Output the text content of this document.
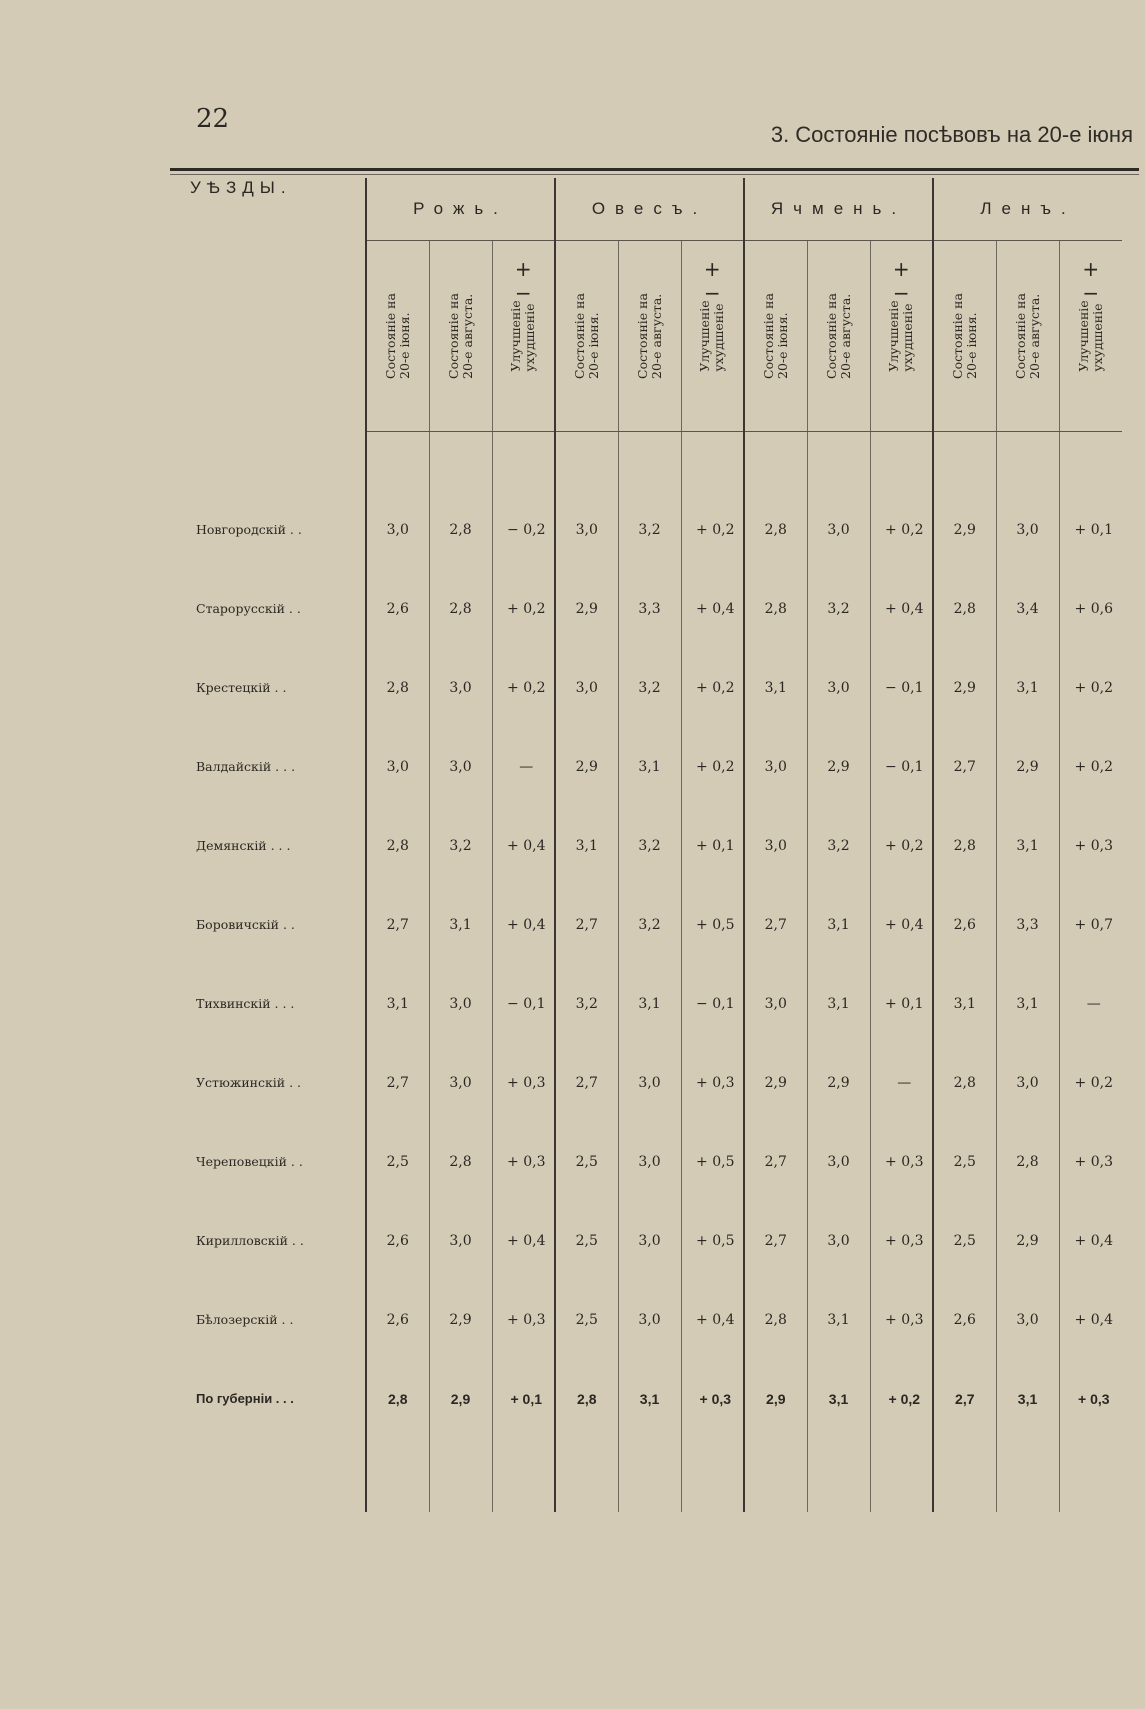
22
3. Состояніе посѣвовъ на 20-е іюня
УѢЗДЫ.	Рожь.			Овесъ.			Ячмень.			Ленъ.		

	Состояніе на
20-е іюня.	Состояніе на
20-е августа.	Улучшеніе
ухудшеніе
+ −	Состояніе на
20-е іюня.	Состояніе на
20-е августа.	Улучшеніе
ухудшеніе
+ −	Состояніе на
20-е іюня.	Состояніе на
20-е августа.	Улучшеніе
ухудшеніе
+ −	Состояніе на
20-е іюня.	Состояніе на
20-е августа.	Улучшеніе
ухудшеніе
+ −

Новгородскій . .	3,0	2,8	− 0,2	3,0	3,2	+ 0,2	2,8	3,0	+ 0,2	2,9	3,0	+ 0,1
Старорусскій . .	2,6	2,8	+ 0,2	2,9	3,3	+ 0,4	2,8	3,2	+ 0,4	2,8	3,4	+ 0,6
Крестецкій . .	2,8	3,0	+ 0,2	3,0	3,2	+ 0,2	3,1	3,0	− 0,1	2,9	3,1	+ 0,2
Валдайскій . . .	3,0	3,0	—	2,9	3,1	+ 0,2	3,0	2,9	− 0,1	2,7	2,9	+ 0,2
Демянскій . . .	2,8	3,2	+ 0,4	3,1	3,2	+ 0,1	3,0	3,2	+ 0,2	2,8	3,1	+ 0,3
Боровичскій . .	2,7	3,1	+ 0,4	2,7	3,2	+ 0,5	2,7	3,1	+ 0,4	2,6	3,3	+ 0,7
Тихвинскій . . .	3,1	3,0	− 0,1	3,2	3,1	− 0,1	3,0	3,1	+ 0,1	3,1	3,1	—
Устюжинскій . .	2,7	3,0	+ 0,3	2,7	3,0	+ 0,3	2,9	2,9	—	2,8	3,0	+ 0,2
Череповецкій . .	2,5	2,8	+ 0,3	2,5	3,0	+ 0,5	2,7	3,0	+ 0,3	2,5	2,8	+ 0,3
Кирилловскій . .	2,6	3,0	+ 0,4	2,5	3,0	+ 0,5	2,7	3,0	+ 0,3	2,5	2,9	+ 0,4
Бѣлозерскій . .	2,6	2,9	+ 0,3	2,5	3,0	+ 0,4	2,8	3,1	+ 0,3	2,6	3,0	+ 0,4
По губерніи . . .	2,8	2,9	+ 0,1	2,8	3,1	+ 0,3	2,9	3,1	+ 0,2	2,7	3,1	+ 0,3
